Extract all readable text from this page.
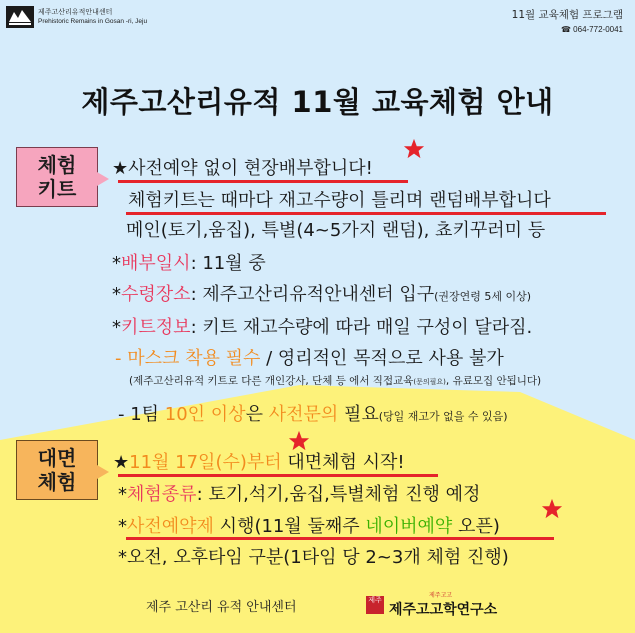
제주고산리유적안내센터
Prehistoric Remains in Gosan -ri, Jeju
11월 교육체험 프로그램
☎ 064-772-0041
제주고산리유적 11월 교육체험 안내
체험
키트
★사전예약 없이 현장배부합니다!
체험키트는 때마다 재고수량이 틀리며 랜덤배부합니다
메인(토기,움집), 특별(4~5가지 랜덤), 쵸키꾸러미 등
*배부일시: 11월 중
*수령장소: 제주고산리유적안내센터 입구(권장연령 5세 이상)
*키트정보: 키트 재고수량에 따라 매일 구성이 달라짐.
- 마스크 착용 필수 / 영리적인 목적으로 사용 불가
(제주고산리유적 키트로 다른 개인강사, 단체 등 에서 직접교육(문의필요), 유료모집 안됩니다)
- 1팀 10인 이상은 사전문의 필요(당일 재고가 없을 수 있음)
대면
체험
★11월 17일(수)부터 대면체험 시작!
*체험종류: 토기,석기,움집,특별체험 진행 예정
*사전예약제 시행(11월 둘째주 네이버예약 오픈)
*오전, 오후타임 구분(1타임 당 2~3개 체험 진행)
제주 고산리 유적 안내센터
제주	제주고고
제주고고학연구소
